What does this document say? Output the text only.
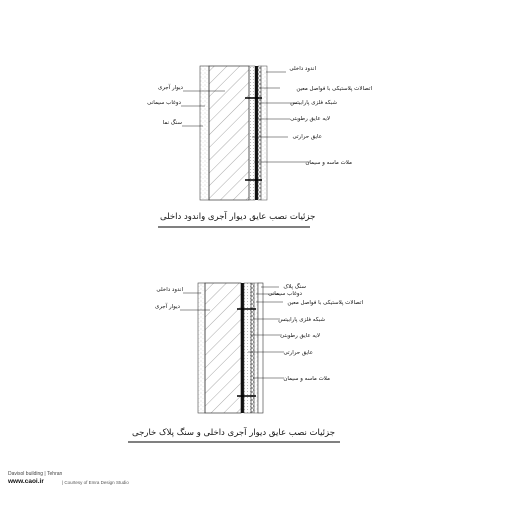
اندود داخلی
اتصالات پلاستیکی با فواصل معین
شبکه فلزی پارابیتس
لایه عایق رطوبتی
عایق حرارتی
ملات ماسه و سیمان
دیوار آجری
دوغاب سیمانی
سنگ نما
سنگ پلاک
دوغاب سیمانی
اتصالات پلاستیکی با فواصل معین
شبکه فلزی پارابیتس
لایه عایق رطوبتی
عایق حرارتی
ملات ماسه و سیمان
اندود داخلی
دیوار آجری
جزئیات نصب عایق دیوار آجری واندود داخلی
جزئیات نصب عایق دیوار آجری داخلی و سنگ پلاک خارجی
Davisol building | Tehran
www.caoi.ir	| Courtesy of Emra Design Studio
